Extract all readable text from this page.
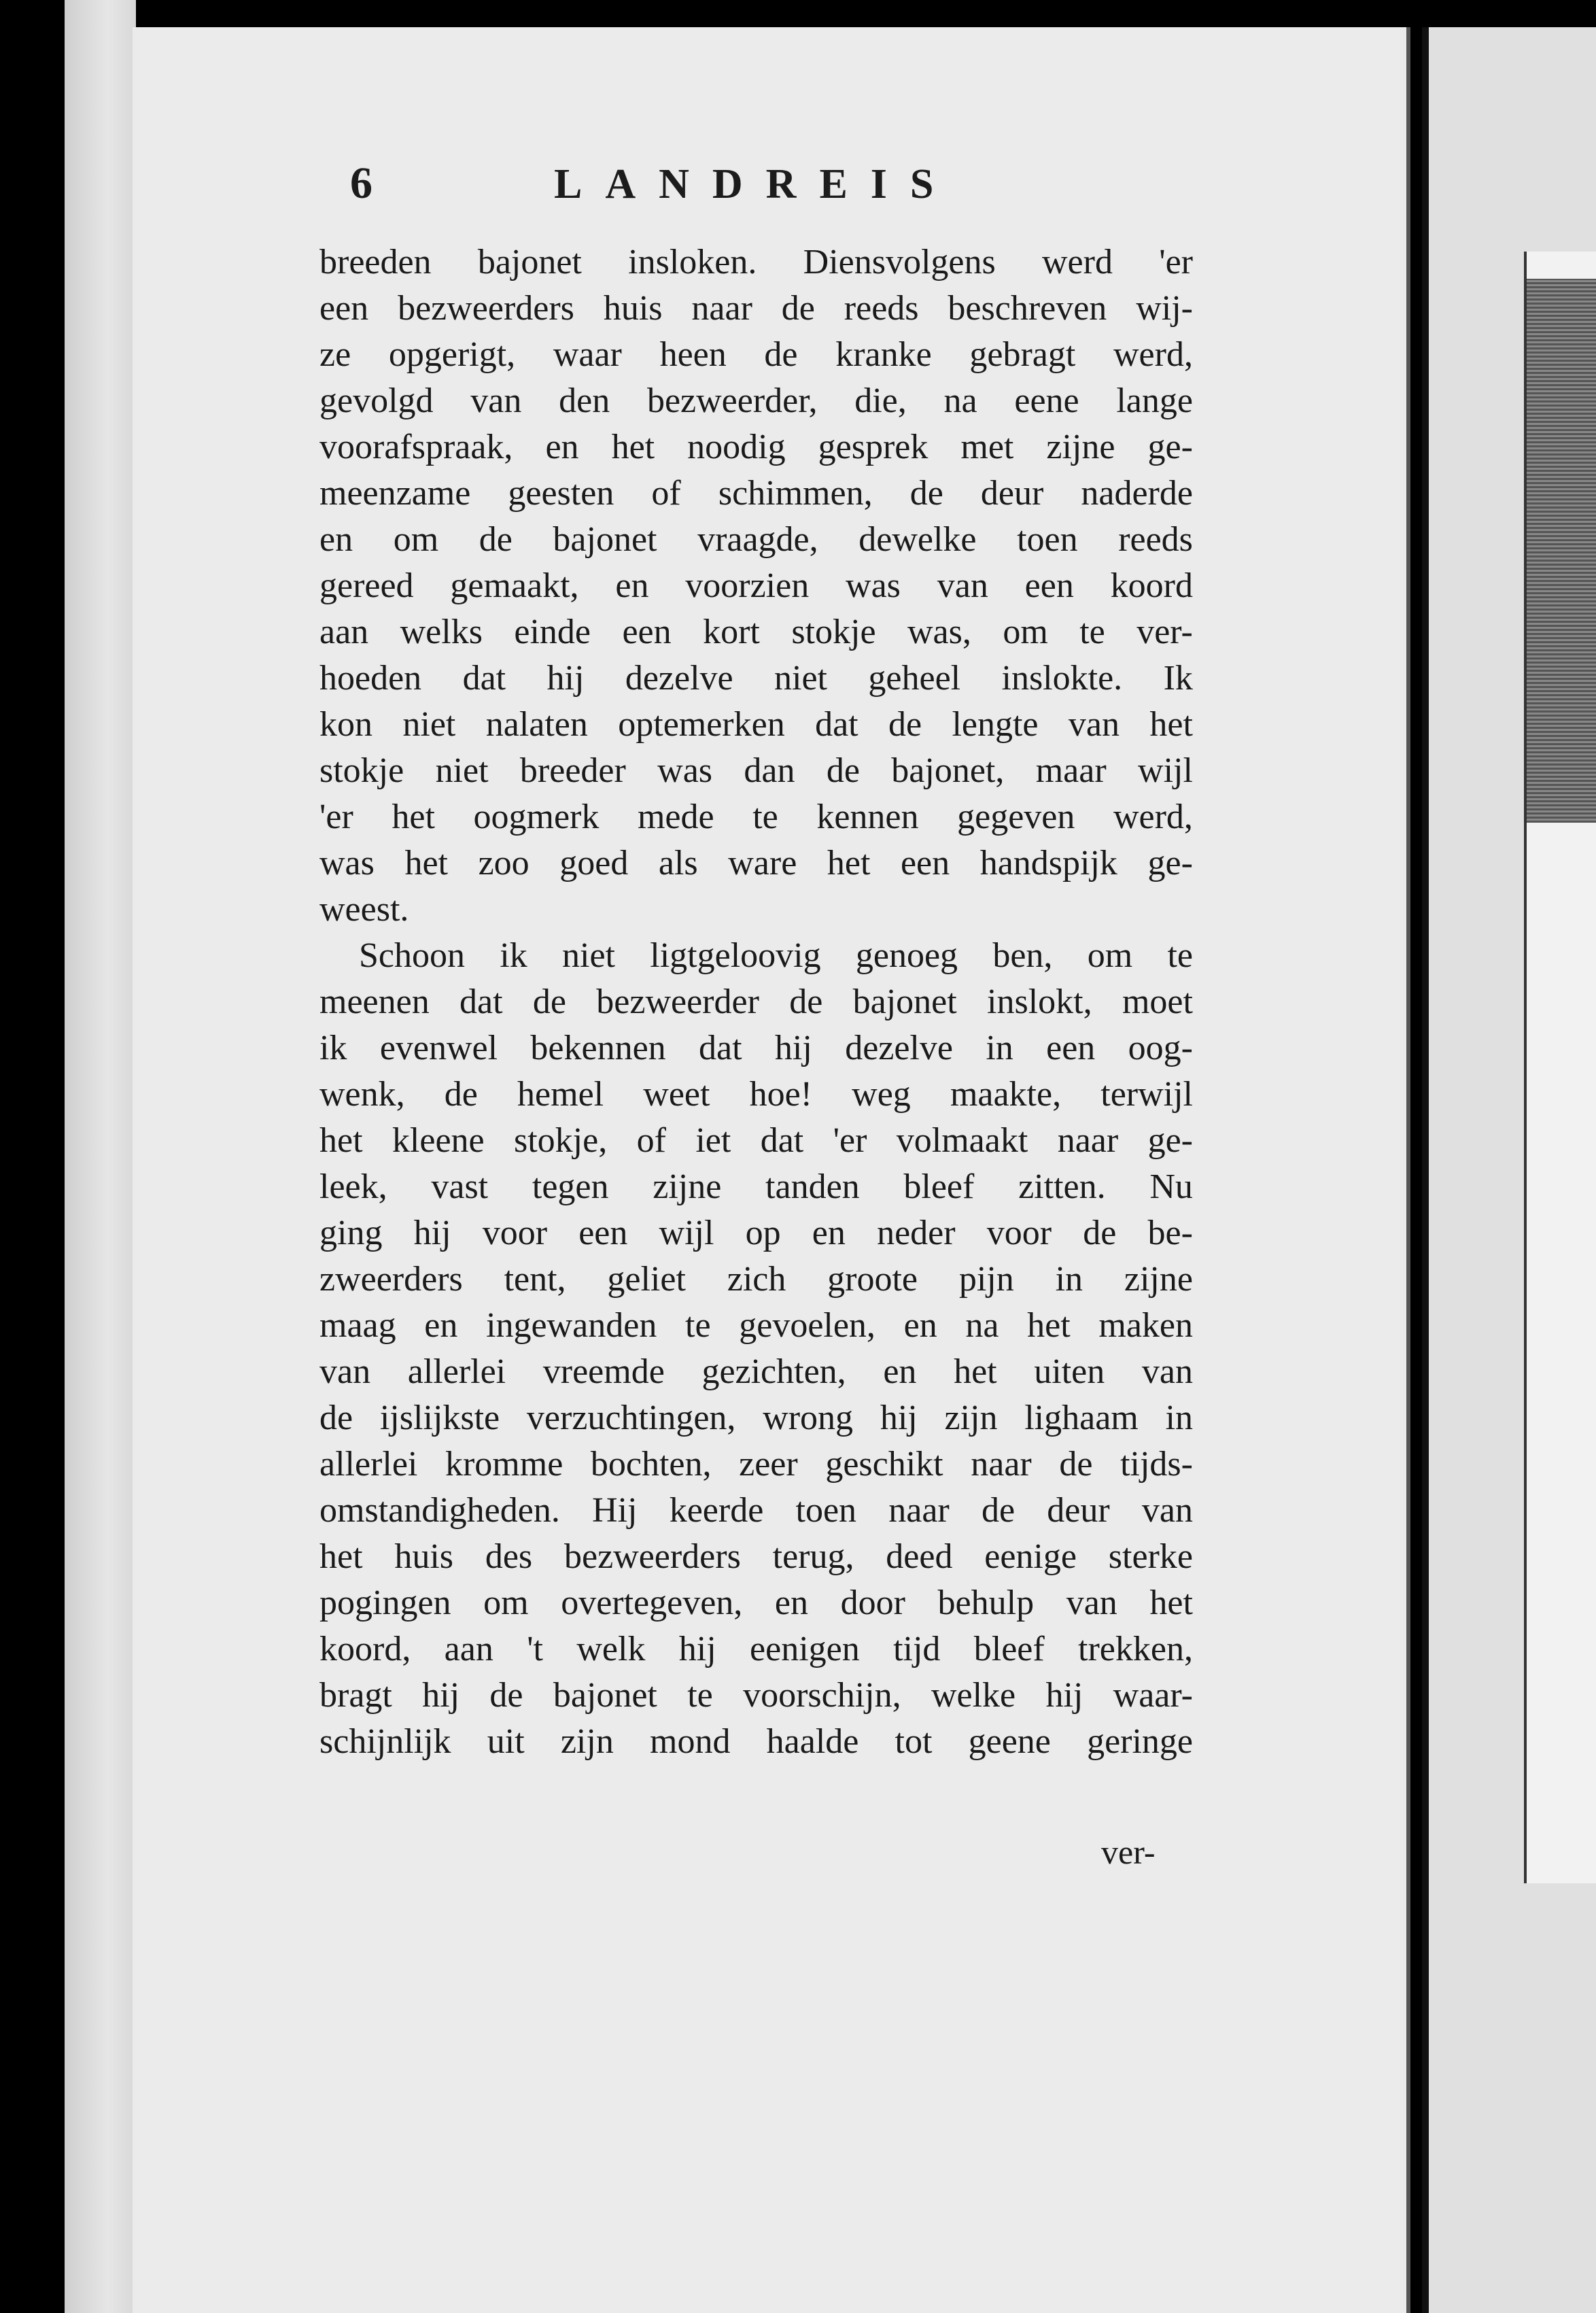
6	LANDREIS
breeden bajonet insloken. Diensvolgens werd 'er
een bezweerders huis naar de reeds beschreven wij-
ze opgerigt, waar heen de kranke gebragt werd,
gevolgd van den bezweerder, die, na eene lange
voorafspraak, en het noodig gesprek met zijne ge-
meenzame geesten of schimmen, de deur naderde
en om de bajonet vraagde, dewelke toen reeds
gereed gemaakt, en voorzien was van een koord
aan welks einde een kort stokje was, om te ver-
hoeden dat hij dezelve niet geheel inslokte. Ik
kon niet nalaten optemerken dat de lengte van het
stokje niet breeder was dan de bajonet, maar wijl
'er het oogmerk mede te kennen gegeven werd,
was het zoo goed als ware het een handspijk ge-
weest.
Schoon ik niet ligtgeloovig genoeg ben, om te
meenen dat de bezweerder de bajonet inslokt, moet
ik evenwel bekennen dat hij dezelve in een oog-
wenk, de hemel weet hoe! weg maakte, terwijl
het kleene stokje, of iet dat 'er volmaakt naar ge-
leek, vast tegen zijne tanden bleef zitten. Nu
ging hij voor een wijl op en neder voor de be-
zweerders tent, geliet zich groote pijn in zijne
maag en ingewanden te gevoelen, en na het maken
van allerlei vreemde gezichten, en het uiten van
de ijslijkste verzuchtingen, wrong hij zijn lighaam in
allerlei kromme bochten, zeer geschikt naar de tijds-
omstandigheden. Hij keerde toen naar de deur van
het huis des bezweerders terug, deed eenige sterke
pogingen om overtegeven, en door behulp van het
koord, aan 't welk hij eenigen tijd bleef trekken,
bragt hij de bajonet te voorschijn, welke hij waar-
schijnlijk uit zijn mond haalde tot geene geringe
ver-
